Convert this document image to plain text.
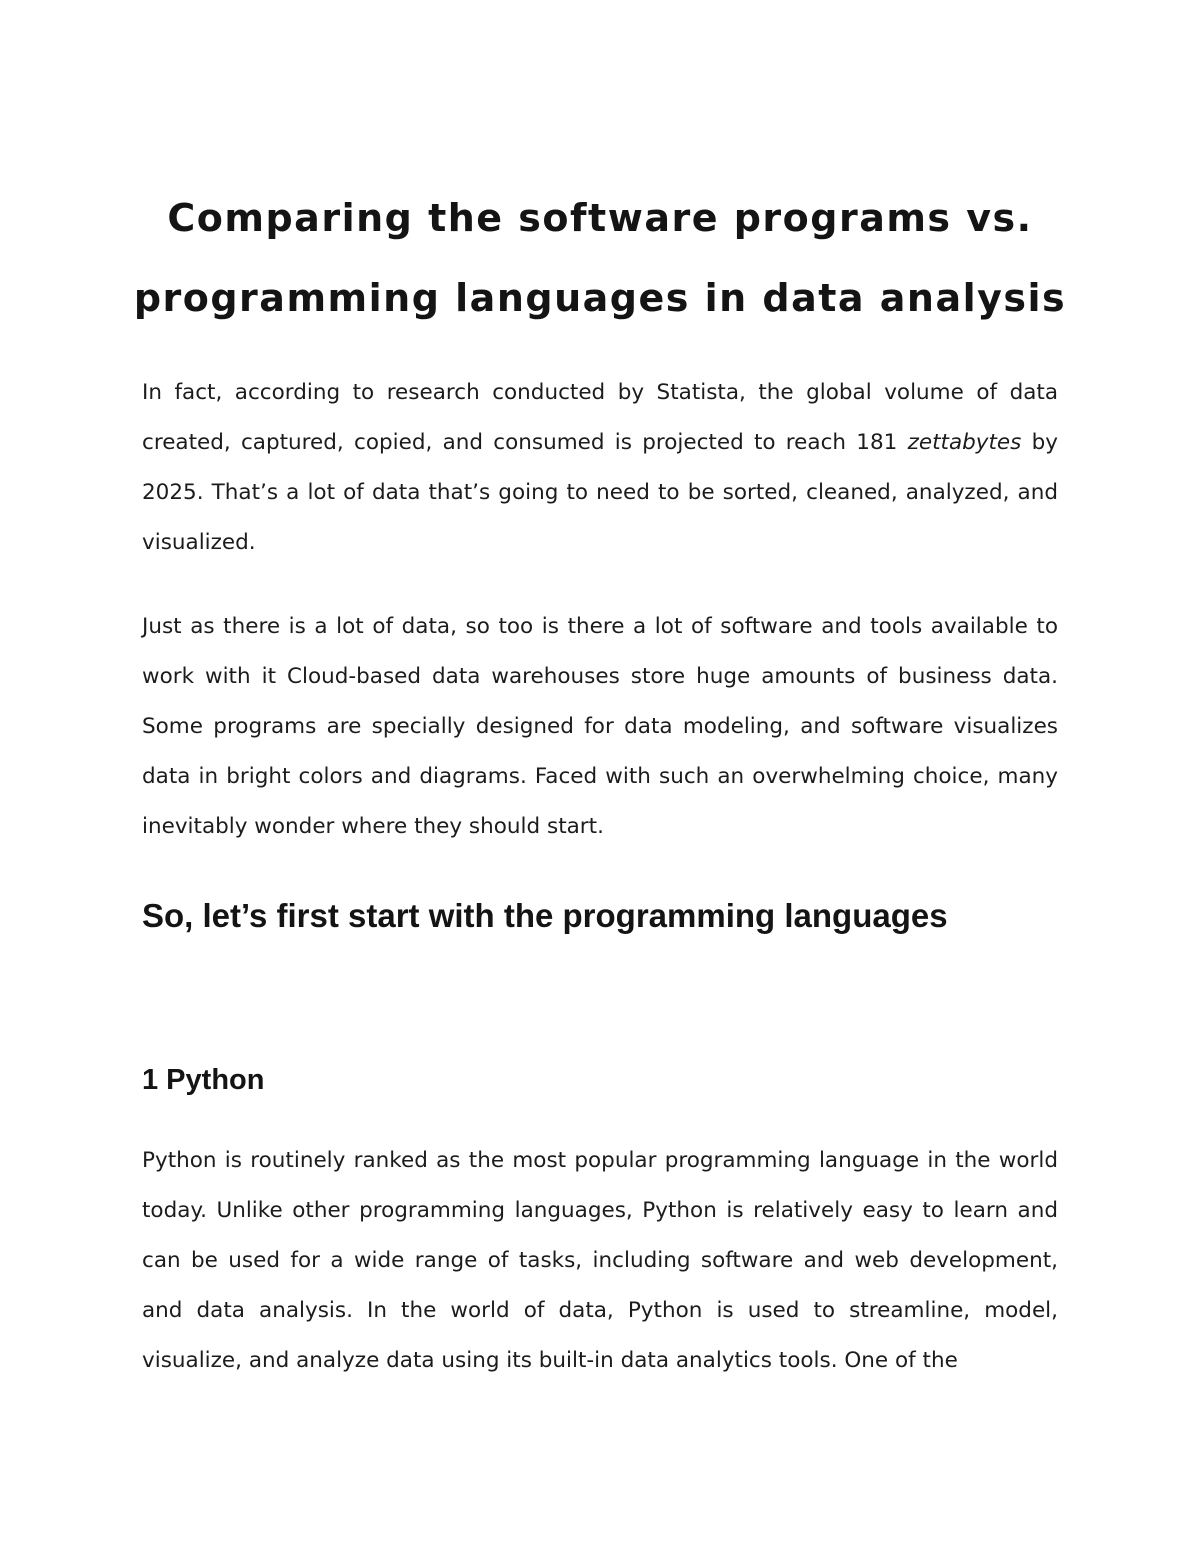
Comparing the software programs vs. programming languages in data analysis

In fact, according to research conducted by Statista, the global volume of data created, captured, copied, and consumed is projected to reach 181 zettabytes by 2025. That’s a lot of data that’s going to need to be sorted, cleaned, analyzed, and visualized.

Just as there is a lot of data, so too is there a lot of software and tools available to work with it Cloud-based data warehouses store huge amounts of business data. Some programs are specially designed for data modeling, and software visualizes data in bright colors and diagrams. Faced with such an overwhelming choice, many inevitably wonder where they should start.

So, let’s first start with the programming languages
1 Python

Python is routinely ranked as the most popular programming language in the world today. Unlike other programming languages, Python is relatively easy to learn and can be used for a wide range of tasks, including software and web development, and data analysis. In the world of data, Python is used to streamline, model, visualize, and analyze data using its built-in data analytics tools. One of the
